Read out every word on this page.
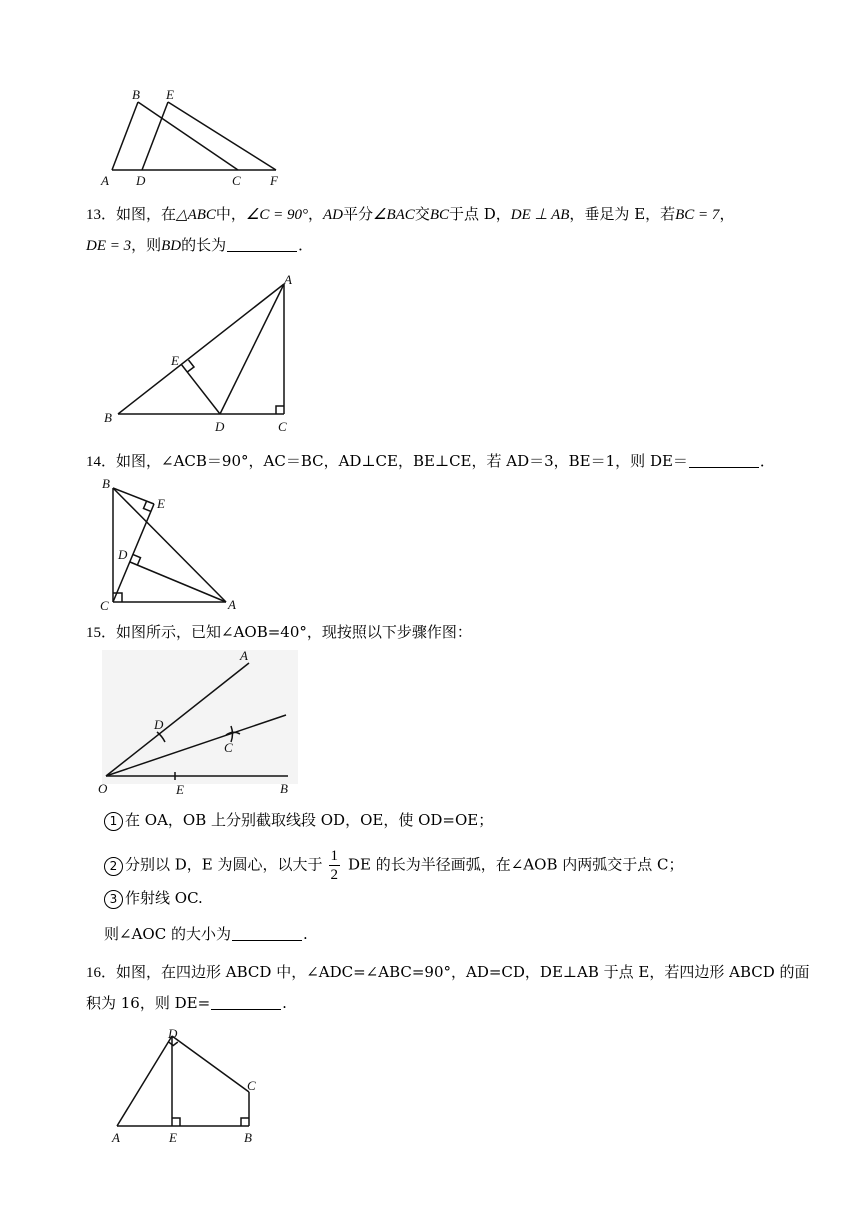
B E
A D	C F
13．如图，在△ABC中，∠C = 90°，AD平分∠BAC交BC于点 D，DE ⊥ AB，垂足为 E，若BC = 7，
DE = 3，则BD的长为	．
A
E
B
D	C
14．如图，∠ACB＝90°，AC＝BC，AD⊥CE，BE⊥CE，若 AD＝3，BE＝1，则 DE＝	．
B
E
D
C	A
15．如图所示，已知∠AOB=40°，现按照以下步骤作图：
A
D
C
O	E	B
1 在 OA，OB 上分别截取线段 OD，OE，使 OD=OE；
2 分别以 D，E 为圆心，以大于 $\frac{1}{2}$ DE 的长为半径画弧，在∠AOB 内两弧交于点 C；
3 作射线 OC.
则∠AOC 的大小为	.
16．如图，在四边形 ABCD 中，∠ADC=∠ABC=90°，AD=CD，DE⊥AB 于点 E，若四边形 ABCD 的面
积为 16，则 DE=	.
D
C
A	E	B
